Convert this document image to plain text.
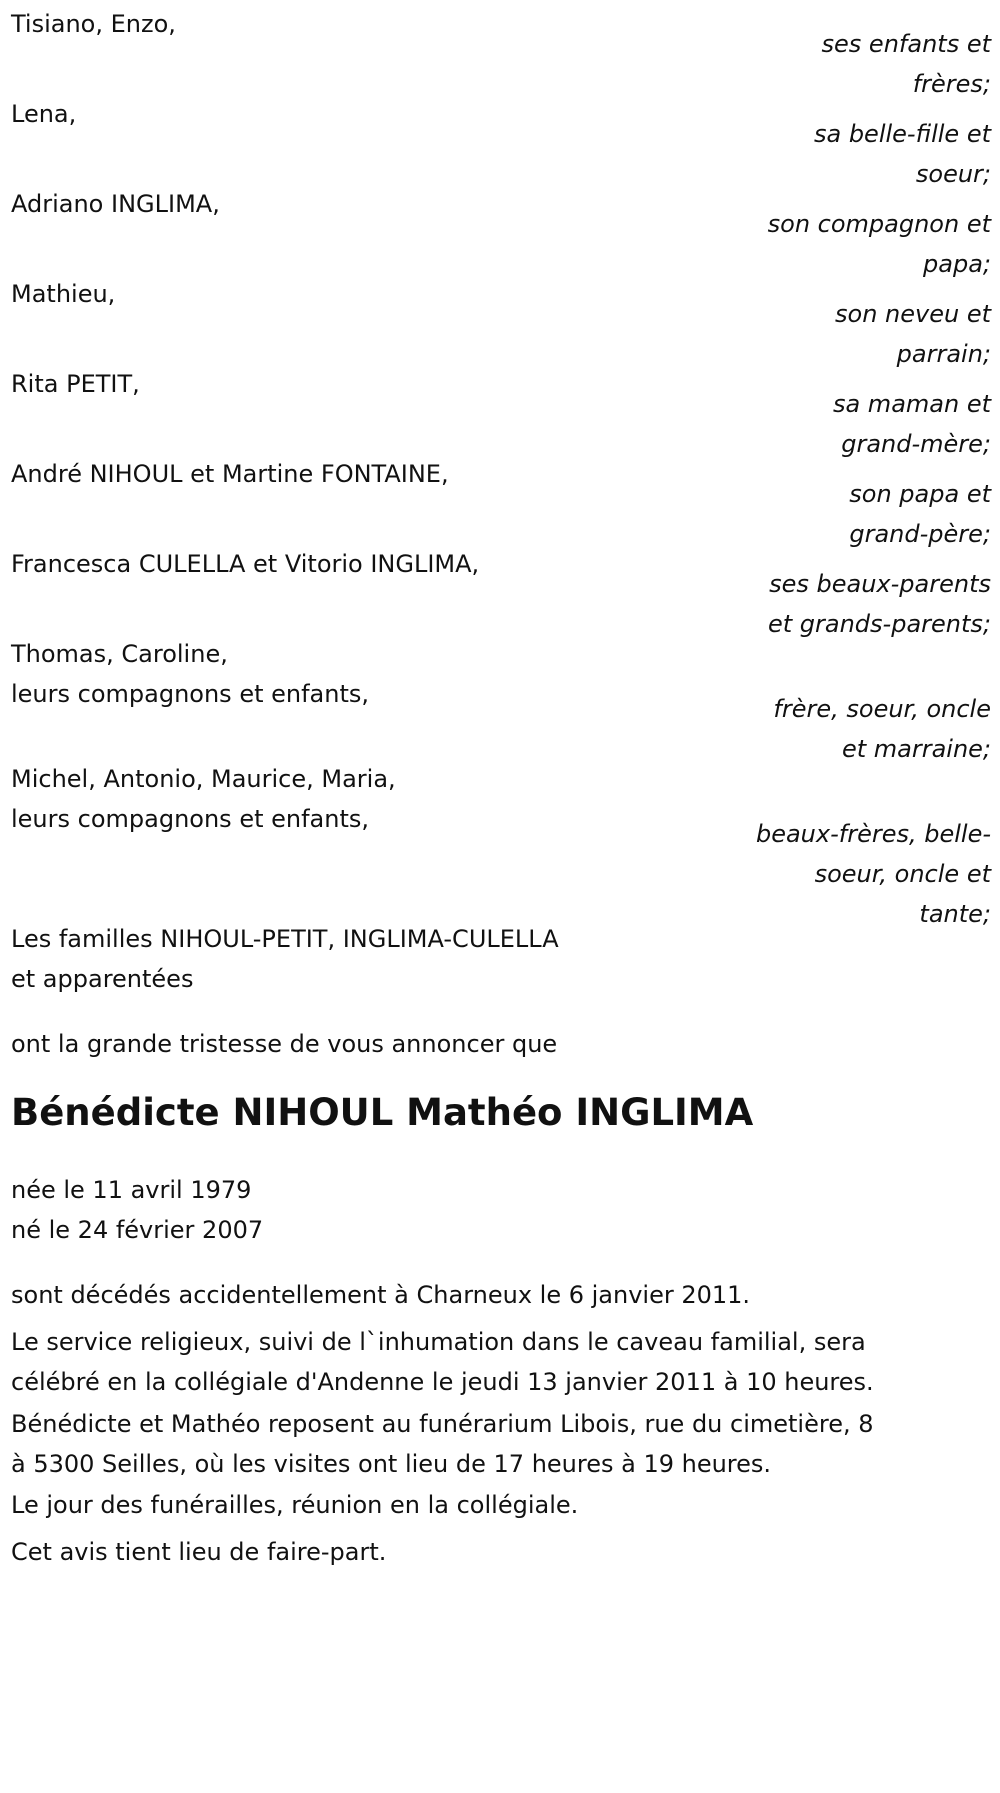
Tisiano, Enzo,
ses enfants et
frères;
Lena,
sa belle-fille et
soeur;
Adriano INGLIMA,
son compagnon et
papa;
Mathieu,
son neveu et
parrain;
Rita PETIT,
sa maman et
grand-mère;
André NIHOUL et Martine FONTAINE,
son papa et
grand-père;
Francesca CULELLA et Vitorio INGLIMA,
ses beaux-parents
et grands-parents;
Thomas, Caroline,
leurs compagnons et enfants,
frère, soeur, oncle
et marraine;
Michel, Antonio, Maurice, Maria,
leurs compagnons et enfants,
beaux-frères, belle-
soeur, oncle et
tante;
Les familles NIHOUL-PETIT, INGLIMA-CULELLA
et apparentées
ont la grande tristesse de vous annoncer que
Bénédicte NIHOUL Mathéo INGLIMA
née le 11 avril 1979
né le 24 février 2007
sont décédés accidentellement à Charneux le 6 janvier 2011.
Le service religieux, suivi de l`inhumation dans le caveau familial, sera
célébré en la collégiale d'Andenne le jeudi 13 janvier 2011 à 10 heures.
Bénédicte et Mathéo reposent au funérarium Libois, rue du cimetière, 8
à 5300 Seilles, où les visites ont lieu de 17 heures à 19 heures.
Le jour des funérailles, réunion en la collégiale.
Cet avis tient lieu de faire-part.
